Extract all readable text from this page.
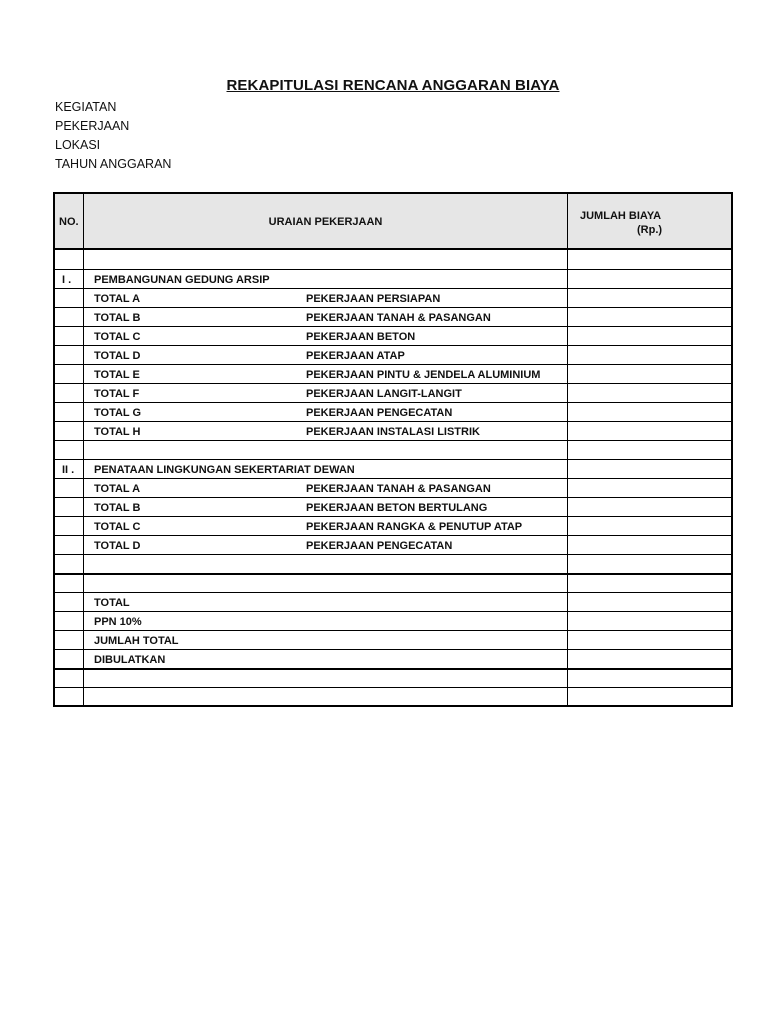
REKAPITULASI RENCANA ANGGARAN BIAYA
KEGIATAN
PEKERJAAN
LOKASI
TAHUN ANGGARAN
NO.	URAIAN PEKERJAAN	JUMLAH BIAYA
(Rp.)
I . PEMBANGUNAN GEDUNG ARSIP
TOTAL A	PEKERJAAN PERSIAPAN
TOTAL B	PEKERJAAN TANAH & PASANGAN
TOTAL C	PEKERJAAN BETON
TOTAL D	PEKERJAAN ATAP
TOTAL E	PEKERJAAN PINTU & JENDELA ALUMINIUM
TOTAL F	PEKERJAAN LANGIT-LANGIT
TOTAL G	PEKERJAAN PENGECATAN
TOTAL H	PEKERJAAN INSTALASI LISTRIK
II . PENATAAN LINGKUNGAN SEKERTARIAT DEWAN
TOTAL A	PEKERJAAN TANAH & PASANGAN
TOTAL B	PEKERJAAN BETON BERTULANG
TOTAL C	PEKERJAAN RANGKA & PENUTUP ATAP
TOTAL D	PEKERJAAN PENGECATAN
TOTAL
PPN 10%
JUMLAH TOTAL
DIBULATKAN
